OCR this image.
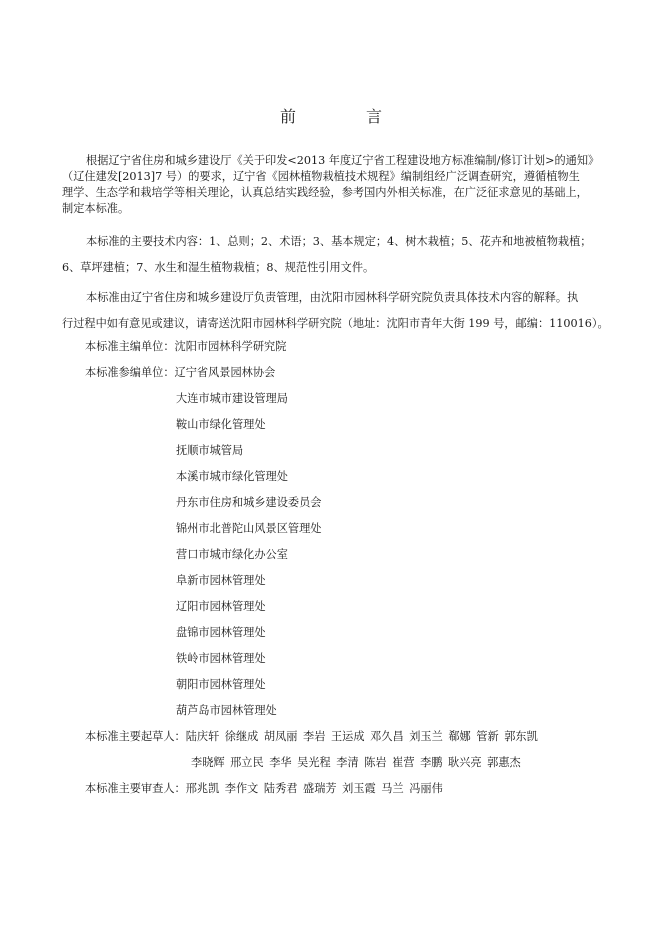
前	言

根据辽宁省住房和城乡建设厅《关于印发<2013 年度辽宁省工程建设地方标准编制/修订计划>的通知》
（辽住建发[2013]7 号）的要求，辽宁省《园林植物栽植技术规程》编制组经广泛调查研究，遵循植物生
理学、生态学和栽培学等相关理论，认真总结实践经验，参考国内外相关标准，在广泛征求意见的基础上，
制定本标准。

本标准的主要技术内容：1、总则；2、术语；3、基本规定；4、树木栽植；5、花卉和地被植物栽植；
6、草坪建植；7、水生和湿生植物栽植；8、规范性引用文件。

本标准由辽宁省住房和城乡建设厅负责管理，由沈阳市园林科学研究院负责具体技术内容的解释。执
行过程中如有意见或建议，请寄送沈阳市园林科学研究院（地址：沈阳市青年大街 199 号，邮编：110016）。

本标准主编单位：沈阳市园林科学研究院
本标准参编单位：辽宁省风景园林协会
大连市城市建设管理局
鞍山市绿化管理处
抚顺市城管局
本溪市城市绿化管理处
丹东市住房和城乡建设委员会
锦州市北普陀山风景区管理处
营口市城市绿化办公室
阜新市园林管理处
辽阳市园林管理处
盘锦市园林管理处
铁岭市园林管理处
朝阳市园林管理处
葫芦岛市园林管理处
本标准主要起草人：陆庆轩 徐继成 胡凤丽 李岩 王运成 邓久昌 刘玉兰 郗娜 管新 郭东凯
李晓辉 邢立民 李华 吴光程 李清 陈岩 崔营 李鹏 耿兴亮 郭惠杰
本标准主要审查人：邢兆凯 李作文 陆秀君 盛瑞芳 刘玉霞 马兰 冯丽伟
